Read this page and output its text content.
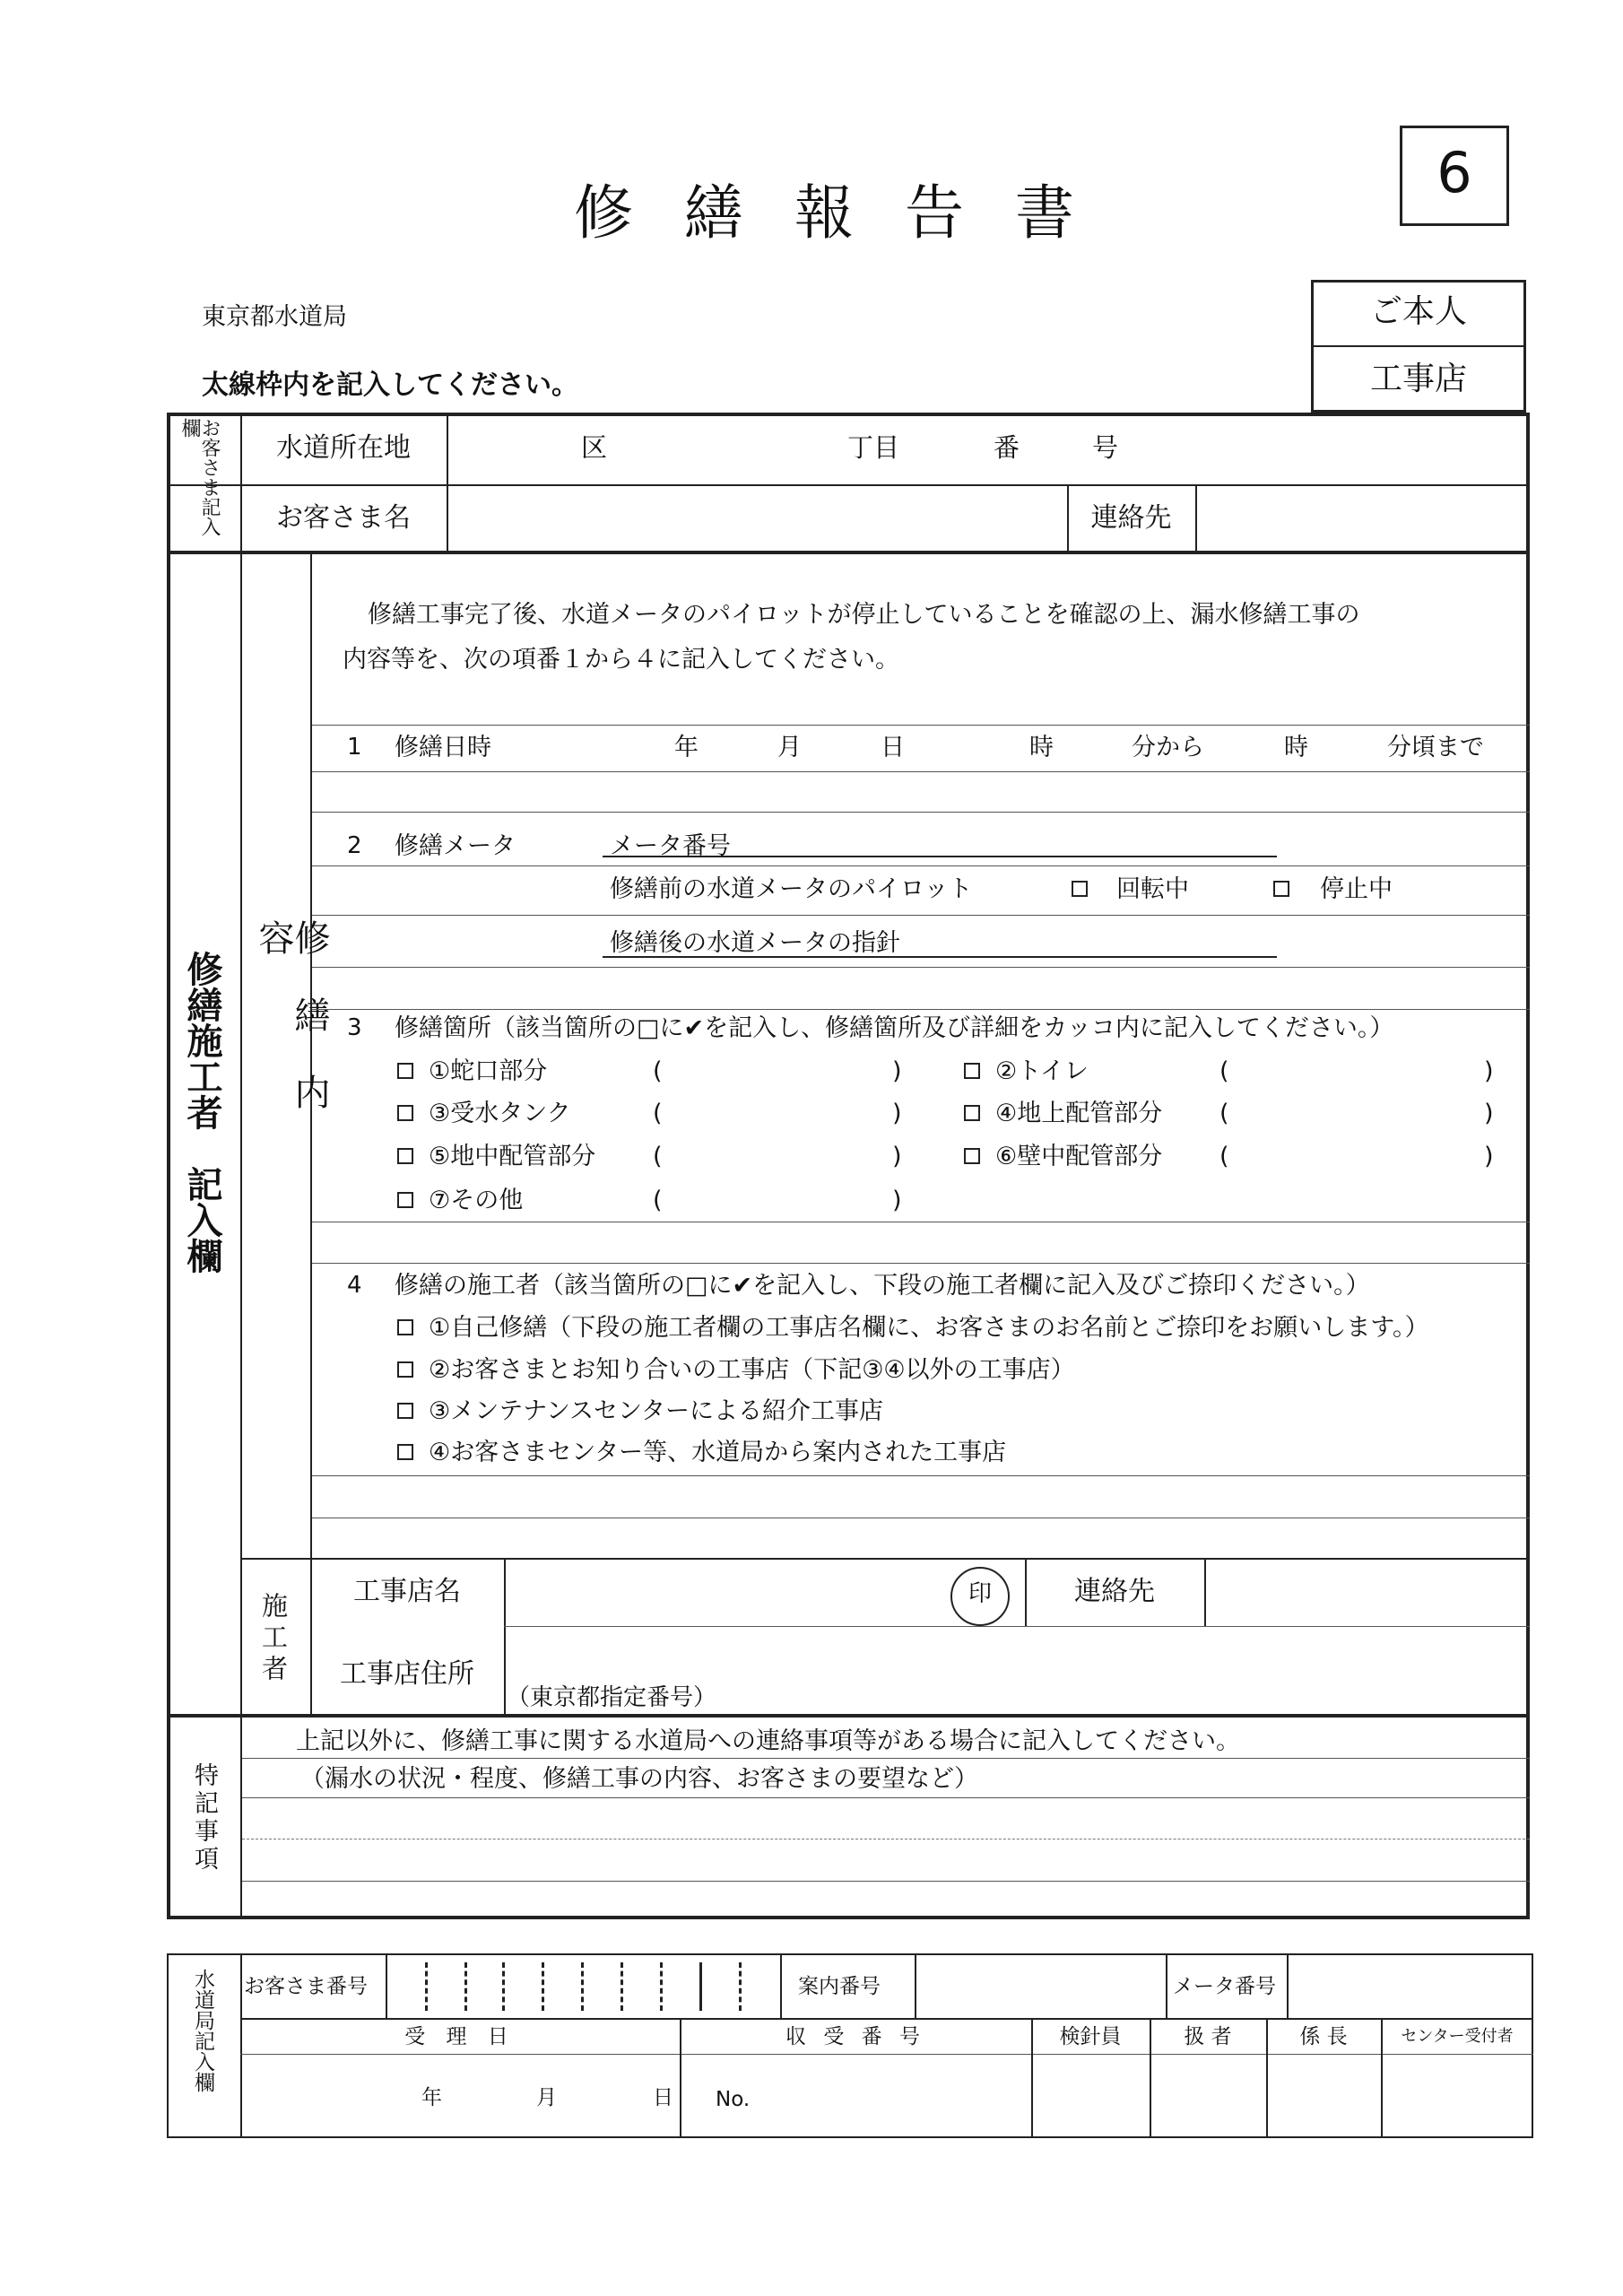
6
修 繕 報 告 書
東京都水道局
太線枠内を記入してください。
ご本人
工事店
お客さま記入欄
水道所在地	区	丁目	番	号
お客さま名	連絡先
修繕施工者　記入欄	修繕内容
修繕工事完了後、水道メータのパイロットが停止していることを確認の上、漏水修繕工事の
内容等を、次の項番１から４に記入してください。
1 修繕日時	年	月	日	時	分から	時	分頃まで
2 修繕メータ	メータ番号
修繕前の水道メータのパイロット	回転中	停止中
修繕後の水道メータの指針
3 修繕箇所（該当箇所の□に✔を記入し、修繕箇所及び詳細をカッコ内に記入してください。）
①蛇口部分	(	)	②トイレ	(	)
③受水タンク	(	)	④地上配管部分 (	)
⑤地中配管部分 (	)	⑥壁中配管部分 (	)
⑦その他	(	)
4 修繕の施工者（該当箇所の□に✔を記入し、下段の施工者欄に記入及びご捺印ください。）
①自己修繕（下段の施工者欄の工事店名欄に、お客さまのお名前とご捺印をお願いします。）
②お客さまとお知り合いの工事店（下記③④以外の工事店）
③メンテナンスセンターによる紹介工事店
④お客さまセンター等、水道局から案内された工事店
施工者
工事店名	印	連絡先
工事店住所
（東京都指定番号）
特記事項
上記以外に、修繕工事に関する水道局への連絡事項等がある場合に記入してください。
（漏水の状況・程度、修繕工事の内容、お客さまの要望など）
水道局記入欄 お客さま番号	案内番号	メータ番号
受 理 日	収 受 番 号	検針員	扱 者	係 長	センター受付者
年	月	日 No.
